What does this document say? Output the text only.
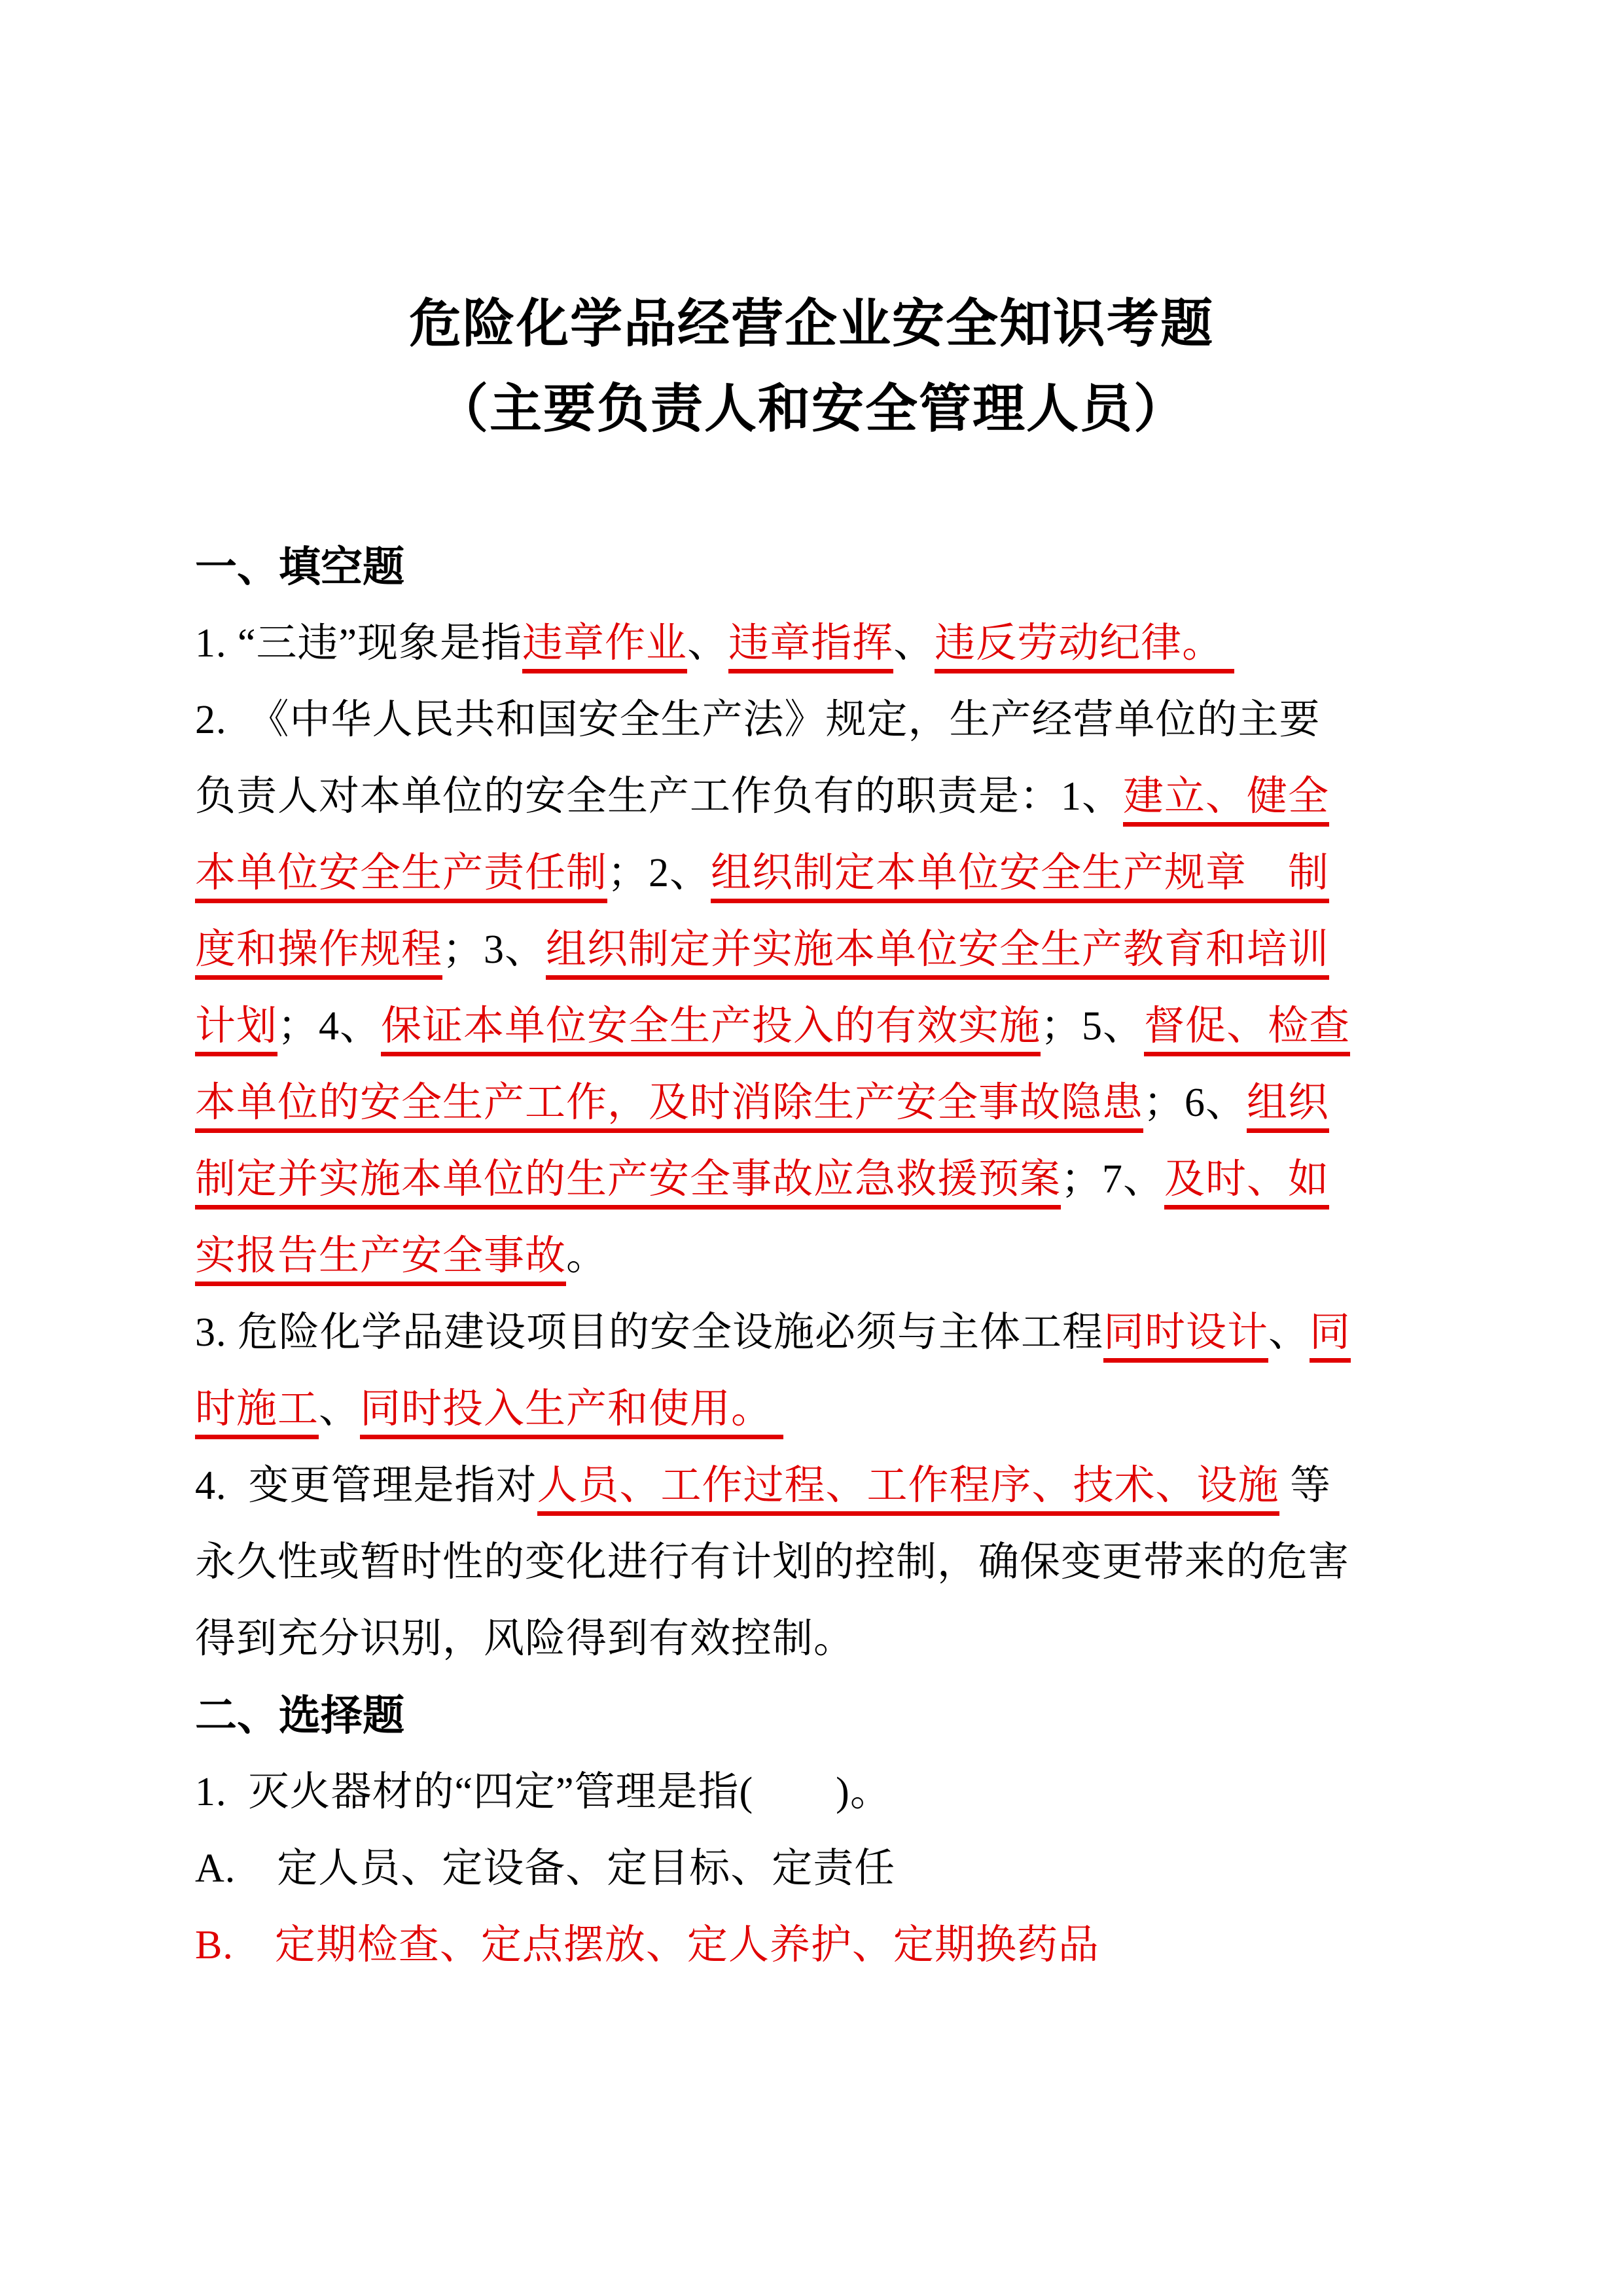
危险化学品经营企业安全知识考题
（主要负责人和安全管理人员）
一、填空题
1. “三违”现象是指违章作业、违章指挥、违反劳动纪律。
2.  《中华人民共和国安全生产法》规定，生产经营单位的主要
负责人对本单位的安全生产工作负有的职责是：1、建立、健全
本单位安全生产责任制；2、组织制定本单位安全生产规章　制
度和操作规程；3、组织制定并实施本单位安全生产教育和培训
计划；4、保证本单位安全生产投入的有效实施；5、督促、检查
本单位的安全生产工作，及时消除生产安全事故隐患；6、组织
制定并实施本单位的生产安全事故应急救援预案；7、及时、如
实报告生产安全事故。
3. 危险化学品建设项目的安全设施必须与主体工程同时设计、同
时施工、同时投入生产和使用。
4.  变更管理是指对人员、工作过程、工作程序、技术、设施 等
永久性或暂时性的变化进行有计划的控制，确保变更带来的危害
得到充分识别，风险得到有效控制。
二、选择题
1.  灭火器材的“四定”管理是指(　　)。
A.　定人员、定设备、定目标、定责任
B.　定期检查、定点摆放、定人养护、定期换药品
